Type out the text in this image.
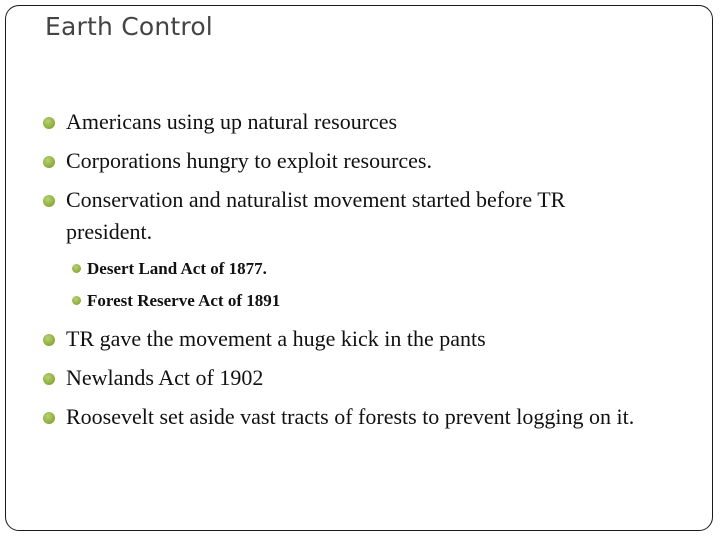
Earth Control
Americans using up natural resources
Corporations hungry to exploit resources.
Conservation and naturalist movement started before TR president.
Desert Land Act of 1877.
Forest Reserve Act of 1891
TR gave the movement a huge kick in the pants
Newlands Act of 1902
Roosevelt set aside vast tracts of forests to prevent logging on it.
